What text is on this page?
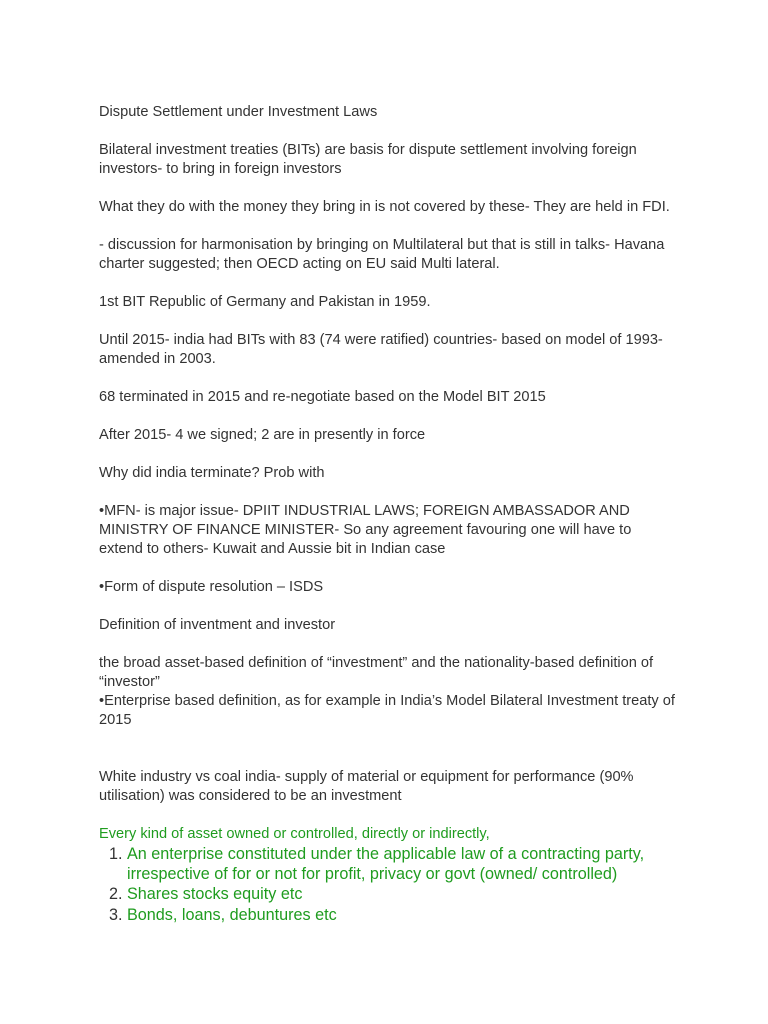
Dispute Settlement under Investment Laws

Bilateral investment treaties (BITs) are basis for dispute settlement involving foreign investors- to bring in foreign investors

What they do with the money they bring in is not covered by these- They are held in FDI.

- discussion for harmonisation by bringing on Multilateral but that is still in talks- Havana charter suggested; then OECD acting on EU said Multi lateral.

1st BIT Republic of Germany and Pakistan in 1959.

Until 2015- india had BITs with 83 (74 were ratified) countries- based on model of 1993- amended in 2003.

68 terminated in 2015 and re-negotiate based on the Model BIT 2015

After 2015- 4 we signed; 2 are in presently in force

Why did india terminate? Prob with

•MFN- is major issue- DPIIT INDUSTRIAL LAWS; FOREIGN AMBASSADOR AND MINISTRY OF FINANCE MINISTER- So any agreement favouring one will have to extend to others- Kuwait and Aussie bit in Indian case

•Form of dispute resolution – ISDS

Definition of inventment and investor

the broad asset-based definition of “investment” and the nationality-based definition of “investor”

•Enterprise based definition, as for example in India’s Model Bilateral Investment treaty of 2015

White industry vs coal india- supply of material or equipment for performance (90% utilisation) was considered to be an investment

Every kind of asset owned or controlled, directly or indirectly,

1. An enterprise constituted under the applicable law of a contracting party, irrespective of for or not for profit, privacy or govt (owned/ controlled)
2. Shares stocks equity etc
3. Bonds, loans, debuntures etc
